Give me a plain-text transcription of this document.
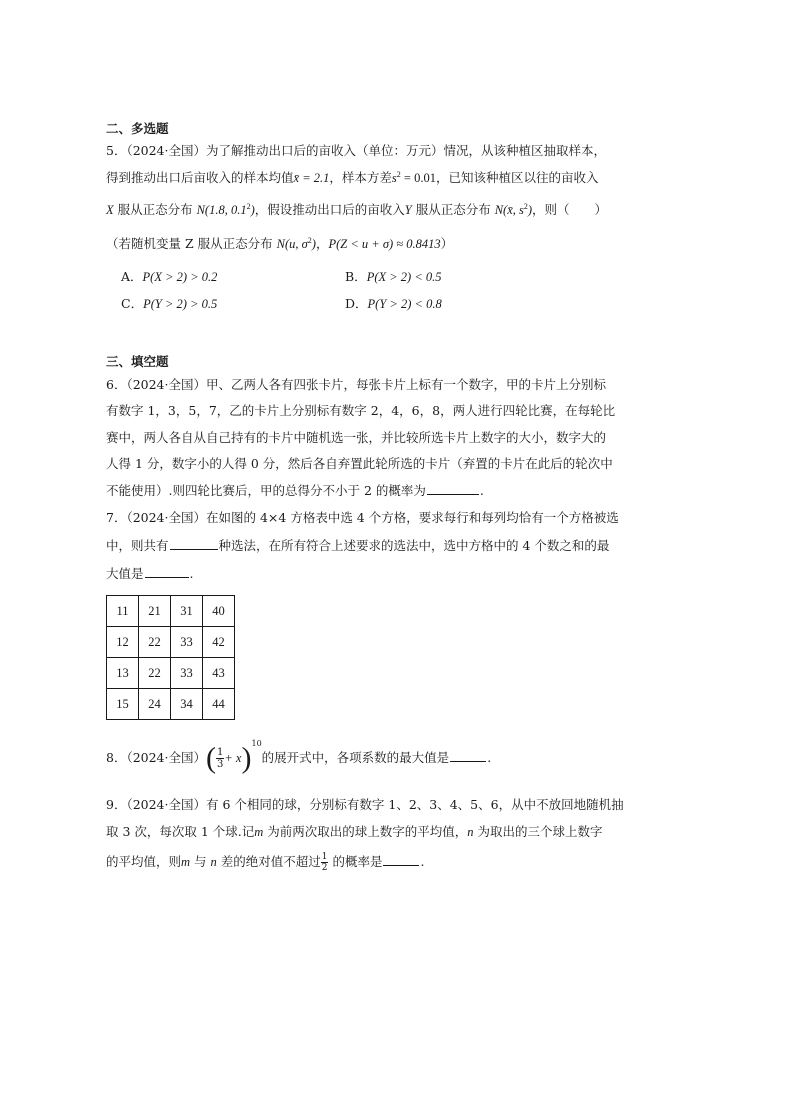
二、多选题
5．（2024·全国）为了解推动出口后的亩收入（单位：万元）情况，从该种植区抽取样本，
得到推动出口后亩收入的样本均值x̄ = 2.1，样本方差$s^2 = 0.01$，已知该种植区以往的亩收入
X 服从正态分布 N(1.8, $0.1^2$)，假设推动出口后的亩收入Y 服从正态分布 N(x̄, $s^2$)，则（　　）
（若随机变量 Z 服从正态分布 N(u, $\sigma^2$)，P(Z < u + σ) ≈ 0.8413）
A．P(X > 2) > 0.2	B．P(X > 2) < 0.5
C．P(Y > 2) > 0.5	D．P(Y > 2) < 0.8
三、填空题
6．（2024·全国）甲、乙两人各有四张卡片，每张卡片上标有一个数字，甲的卡片上分别标
有数字 1，3，5，7，乙的卡片上分别标有数字 2，4，6，8，两人进行四轮比赛，在每轮比
赛中，两人各自从自己持有的卡片中随机选一张，并比较所选卡片上数字的大小，数字大的
人得 1 分，数字小的人得 0 分，然后各自弃置此轮所选的卡片（弃置的卡片在此后的轮次中
不能使用）.则四轮比赛后，甲的总得分不小于 2 的概率为	.
7．（2024·全国）在如图的 4×4 方格表中选 4 个方格，要求每行和每列均恰有一个方格被选
中，则共有	种选法，在所有符合上述要求的选法中，选中方格中的 4 个数之和的最
大值是	.
11	21	31	40
12	22	33	42
13	22	33	43
15	24	34	44
8．（2024·全国）( $\frac{1}{3} + x)^{10}$的展开式中，各项系数的最大值是	.
9．（2024·全国）有 6 个相同的球，分别标有数字 1、2、3、4、5、6，从中不放回地随机抽
取 3 次，每次取 1 个球.记m 为前两次取出的球上数字的平均值，n 为取出的三个球上数字
的平均值，则m 与 n 差的绝对值不超过 $\frac{1}{2}$ 的概率是	.
